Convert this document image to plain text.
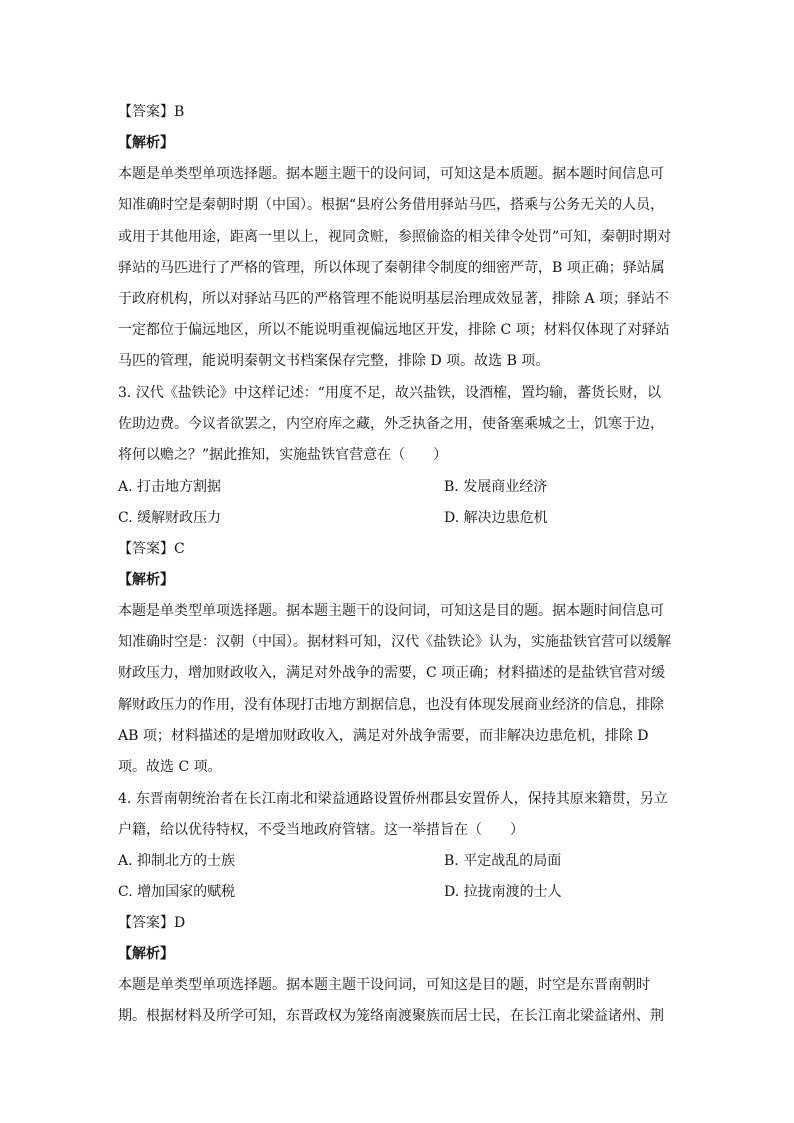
【答案】B
【解析】
本题是单类型单项选择题。据本题主题干的设问词，可知这是本质题。据本题时间信息可
知准确时空是秦朝时期（中国）。根据“县府公务借用驿站马匹，搭乘与公务无关的人员，
或用于其他用途，距离一里以上，视同贪赃，参照偷盗的相关律令处罚”可知，秦朝时期对
驿站的马匹进行了严格的管理，所以体现了秦朝律令制度的细密严苛，B 项正确；驿站属
于政府机构，所以对驿站马匹的严格管理不能说明基层治理成效显著，排除 A 项；驿站不
一定都位于偏远地区，所以不能说明重视偏远地区开发，排除 C 项；材料仅体现了对驿站
马匹的管理，能说明秦朝文书档案保存完整，排除 D 项。故选 B 项。
3. 汉代《盐铁论》中这样记述：“用度不足，故兴盐铁，设酒榷，置均输，蕃货长财，以
佐助边费。今议者欲罢之，内空府库之藏，外乏执备之用，使备塞乘城之士，饥寒于边，
将何以赡之？”据此推知，实施盐铁官营意在（　　）
A. 打击地方割据	B. 发展商业经济
C. 缓解财政压力	D. 解决边患危机
【答案】C
【解析】
本题是单类型单项选择题。据本题主题干的设问词，可知这是目的题。据本题时间信息可
知准确时空是：汉朝（中国）。据材料可知，汉代《盐铁论》认为，实施盐铁官营可以缓解
财政压力，增加财政收入，满足对外战争的需要，C 项正确；材料描述的是盐铁官营对缓
解财政压力的作用，没有体现打击地方割据信息，也没有体现发展商业经济的信息，排除
AB 项；材料描述的是增加财政收入，满足对外战争需要，而非解决边患危机，排除 D
项。故选 C 项。
4. 东晋南朝统治者在长江南北和梁益通路设置侨州郡县安置侨人，保持其原来籍贯，另立
户籍，给以优待特权，不受当地政府管辖。这一举措旨在（　　）
A. 抑制北方的士族	B. 平定战乱的局面
C. 增加国家的赋税	D. 拉拢南渡的士人
【答案】D
【解析】
本题是单类型单项选择题。据本题主题干设问词，可知这是目的题，时空是东晋南朝时
期。根据材料及所学可知，东晋政权为笼络南渡聚族而居士民，在长江南北梁益诸州、荆
